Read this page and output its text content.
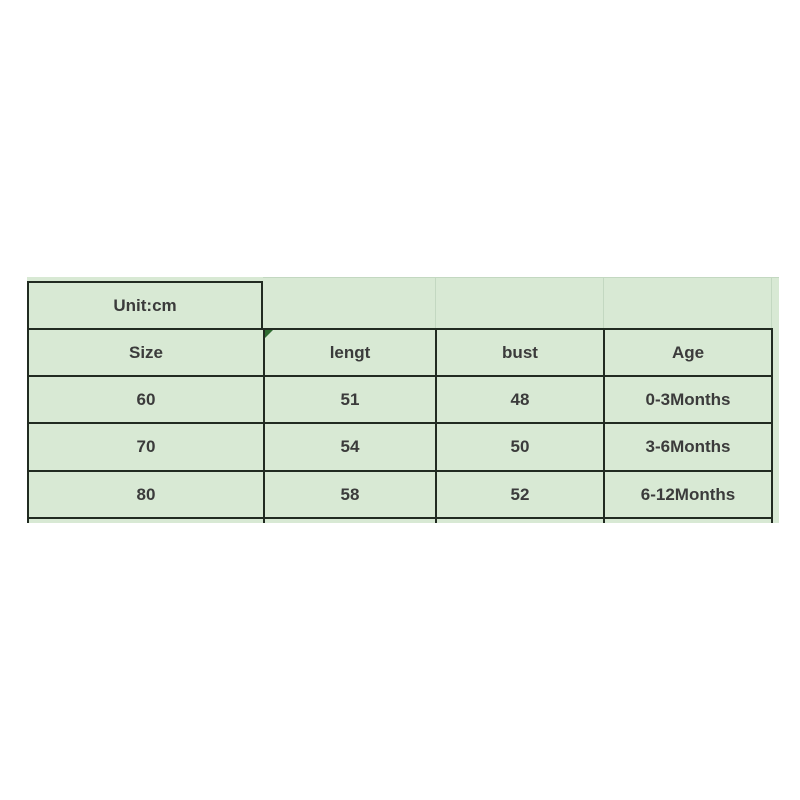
Unit:cm
Size	lengt	bust	Age
60	51	48	0-3Months
70	54	50	3-6Months
80	58	52	6-12Months
